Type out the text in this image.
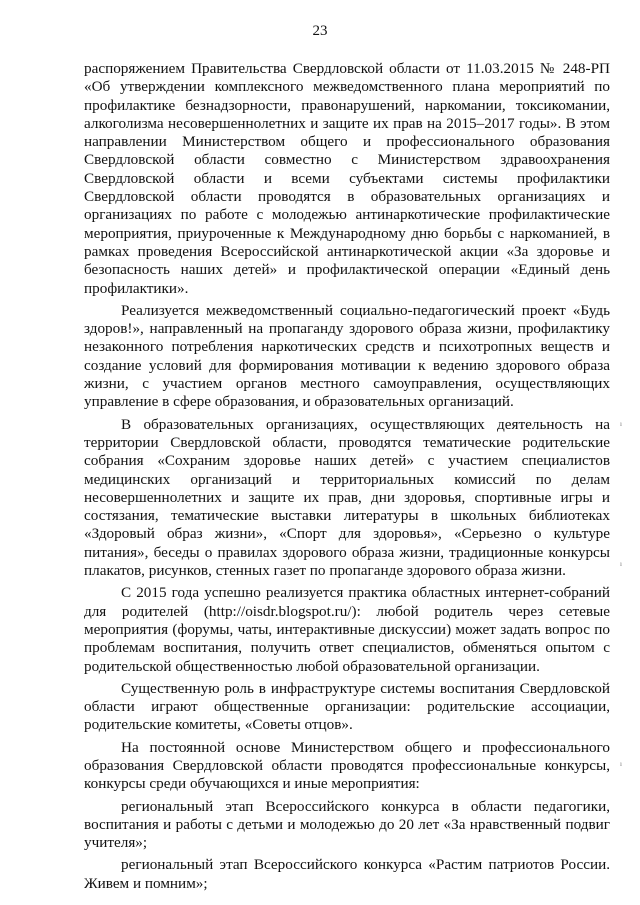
23

распоряжением Правительства Свердловской области от 11.03.2015 № 248-РП «Об утверждении комплексного межведомственного плана мероприятий по профилактике безнадзорности, правонарушений, наркомании, токсикомании, алкоголизма несовершеннолетних и защите их прав на 2015–2017 годы». В этом направлении Министерством общего и профессионального образования Свердловской области совместно с Министерством здравоохранения Свердловской области и всеми субъектами системы профилактики Свердловской области проводятся в образовательных организациях и организациях по работе с молодежью антинаркотические профилактические мероприятия, приуроченные к Международному дню борьбы с наркоманией, в рамках проведения Всероссийской антинаркотической акции «За здоровье и безопасность наших детей» и профилактической операции «Единый день профилактики».

Реализуется межведомственный социально-педагогический проект «Будь здоров!», направленный на пропаганду здорового образа жизни, профилактику незаконного потребления наркотических средств и психотропных веществ и создание условий для формирования мотивации к ведению здорового образа жизни, с участием органов местного самоуправления, осуществляющих управление в сфере образования, и образовательных организаций.

В образовательных организациях, осуществляющих деятельность на территории Свердловской области, проводятся тематические родительские собрания «Сохраним здоровье наших детей» с участием специалистов медицинских организаций и территориальных комиссий по делам несовершеннолетних и защите их прав, дни здоровья, спортивные игры и состязания, тематические выставки литературы в школьных библиотеках «Здоровый образ жизни», «Спорт для здоровья», «Серьезно о культуре питания», беседы о правилах здорового образа жизни, традиционные конкурсы плакатов, рисунков, стенных газет по пропаганде здорового образа жизни.

С 2015 года успешно реализуется практика областных интернет-собраний для родителей (http://oisdr.blogspot.ru/): любой родитель через сетевые мероприятия (форумы, чаты, интерактивные дискуссии) может задать вопрос по проблемам воспитания, получить ответ специалистов, обменяться опытом с родительской общественностью любой образовательной организации.

Существенную роль в инфраструктуре системы воспитания Свердловской области играют общественные организации: родительские ассоциации, родительские комитеты, «Советы отцов».

На постоянной основе Министерством общего и профессионального образования Свердловской области проводятся профессиональные конкурсы, конкурсы среди обучающихся и иные мероприятия:

региональный этап Всероссийского конкурса в области педагогики, воспитания и работы с детьми и молодежью до 20 лет «За нравственный подвиг учителя»;

региональный этап Всероссийского конкурса «Растим патриотов России. Живем и помним»;

ı
ı
ı
